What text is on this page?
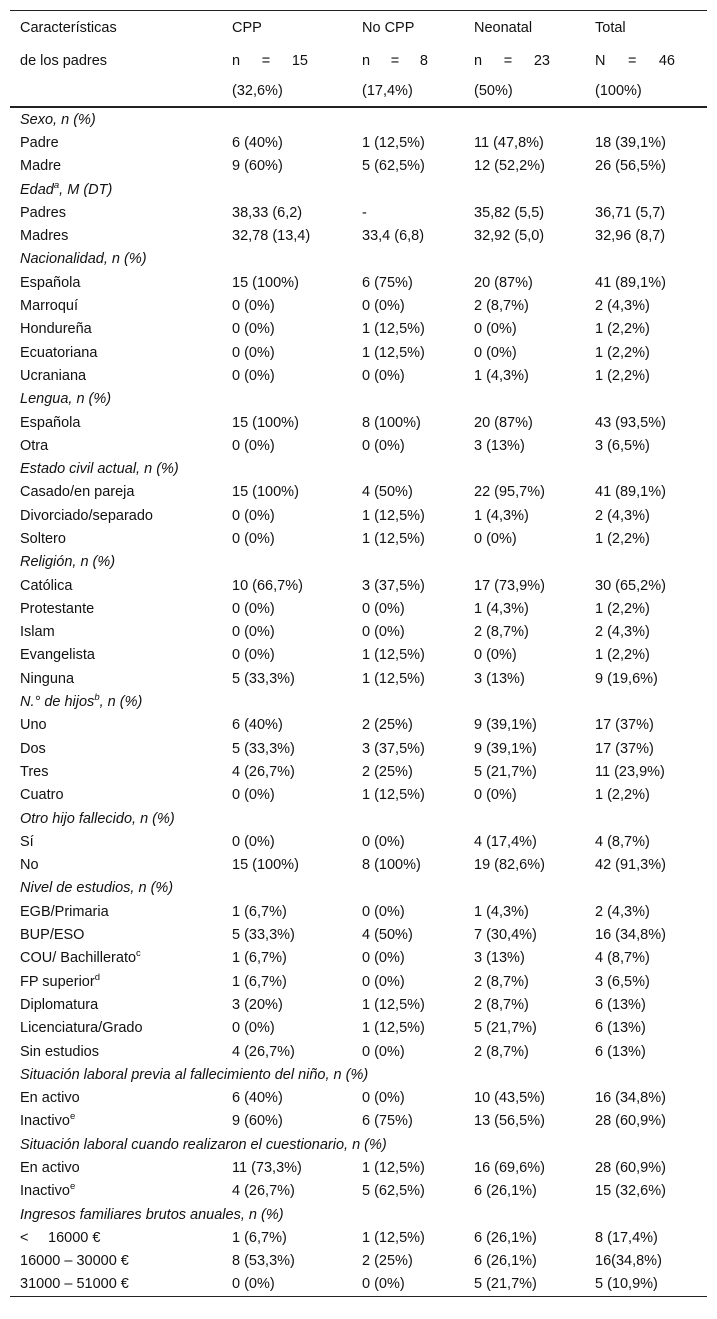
Características	CPP	No CPP	Neonatal	Total
de los padres	n = 15	n = 8	n = 23	N = 46

	(32,6%)	(17,4%)	(50%)	(100%)
Sexo, n (%)				
Padre	6 (40%)	1 (12,5%)	11 (47,8%)	18 (39,1%)
Madre	9 (60%)	5 (62,5%)	12 (52,2%)	26 (56,5%)
Edad$^a$, M (DT)				
Padres	38,33 (6,2)	-	35,82 (5,5)	36,71 (5,7)
Madres	32,78 (13,4)	33,4 (6,8)	32,92 (5,0)	32,96 (8,7)
Nacionalidad, n (%)				
Española	15 (100%)	6 (75%)	20 (87%)	41 (89,1%)
Marroquí	0 (0%)	0 (0%)	2 (8,7%)	2 (4,3%)
Hondureña	0 (0%)	1 (12,5%)	0 (0%)	1 (2,2%)
Ecuatoriana	0 (0%)	1 (12,5%)	0 (0%)	1 (2,2%)
Ucraniana	0 (0%)	0 (0%)	1 (4,3%)	1 (2,2%)
Lengua, n (%)				
Española	15 (100%)	8 (100%)	20 (87%)	43 (93,5%)
Otra	0 (0%)	0 (0%)	3 (13%)	3 (6,5%)
Estado civil actual, n (%)				
Casado/en pareja	15 (100%)	4 (50%)	22 (95,7%)	41 (89,1%)
Divorciado/separado	0 (0%)	1 (12,5%)	1 (4,3%)	2 (4,3%)
Soltero	0 (0%)	1 (12,5%)	0 (0%)	1 (2,2%)
Religión, n (%)				
Católica	10 (66,7%)	3 (37,5%)	17 (73,9%)	30 (65,2%)
Protestante	0 (0%)	0 (0%)	1 (4,3%)	1 (2,2%)
Islam	0 (0%)	0 (0%)	2 (8,7%)	2 (4,3%)
Evangelista	0 (0%)	1 (12,5%)	0 (0%)	1 (2,2%)
Ninguna	5 (33,3%)	1 (12,5%)	3 (13%)	9 (19,6%)
N.° de hijos$^b$, n (%)				
Uno	6 (40%)	2 (25%)	9 (39,1%)	17 (37%)
Dos	5 (33,3%)	3 (37,5%)	9 (39,1%)	17 (37%)
Tres	4 (26,7%)	2 (25%)	5 (21,7%)	11 (23,9%)
Cuatro	0 (0%)	1 (12,5%)	0 (0%)	1 (2,2%)
Otro hijo fallecido, n (%)				
Sí	0 (0%)	0 (0%)	4 (17,4%)	4 (8,7%)
No	15 (100%)	8 (100%)	19 (82,6%)	42 (91,3%)
Nivel de estudios, n (%)				
EGB/Primaria	1 (6,7%)	0 (0%)	1 (4,3%)	2 (4,3%)
BUP/ESO	5 (33,3%)	4 (50%)	7 (30,4%)	16 (34,8%)
COU/ Bachillerato$^c$	1 (6,7%)	0 (0%)	3 (13%)	4 (8,7%)
FP superior$^d$	1 (6,7%)	0 (0%)	2 (8,7%)	3 (6,5%)
Diplomatura	3 (20%)	1 (12,5%)	2 (8,7%)	6 (13%)
Licenciatura/Grado	0 (0%)	1 (12,5%)	5 (21,7%)	6 (13%)
Sin estudios	4 (26,7%)	0 (0%)	2 (8,7%)	6 (13%)
Situación laboral previa al fallecimiento del niño, n (%)				
En activo	6 (40%)	0 (0%)	10 (43,5%)	16 (34,8%)
Inactivo$^e$	9 (60%)	6 (75%)	13 (56,5%)	28 (60,9%)
Situación laboral cuando realizaron el cuestionario, n (%)				
En activo	11 (73,3%)	1 (12,5%)	16 (69,6%)	28 (60,9%)
Inactivo$^e$	4 (26,7%)	5 (62,5%)	6 (26,1%)	15 (32,6%)
Ingresos familiares brutos anuales, n (%)				
< 16000 €	1 (6,7%)	1 (12,5%)	6 (26,1%)	8 (17,4%)
16000 – 30000 €	8 (53,3%)	2 (25%)	6 (26,1%)	16(34,8%)
31000 – 51000 €	0 (0%)	0 (0%)	5 (21,7%)	5 (10,9%)
